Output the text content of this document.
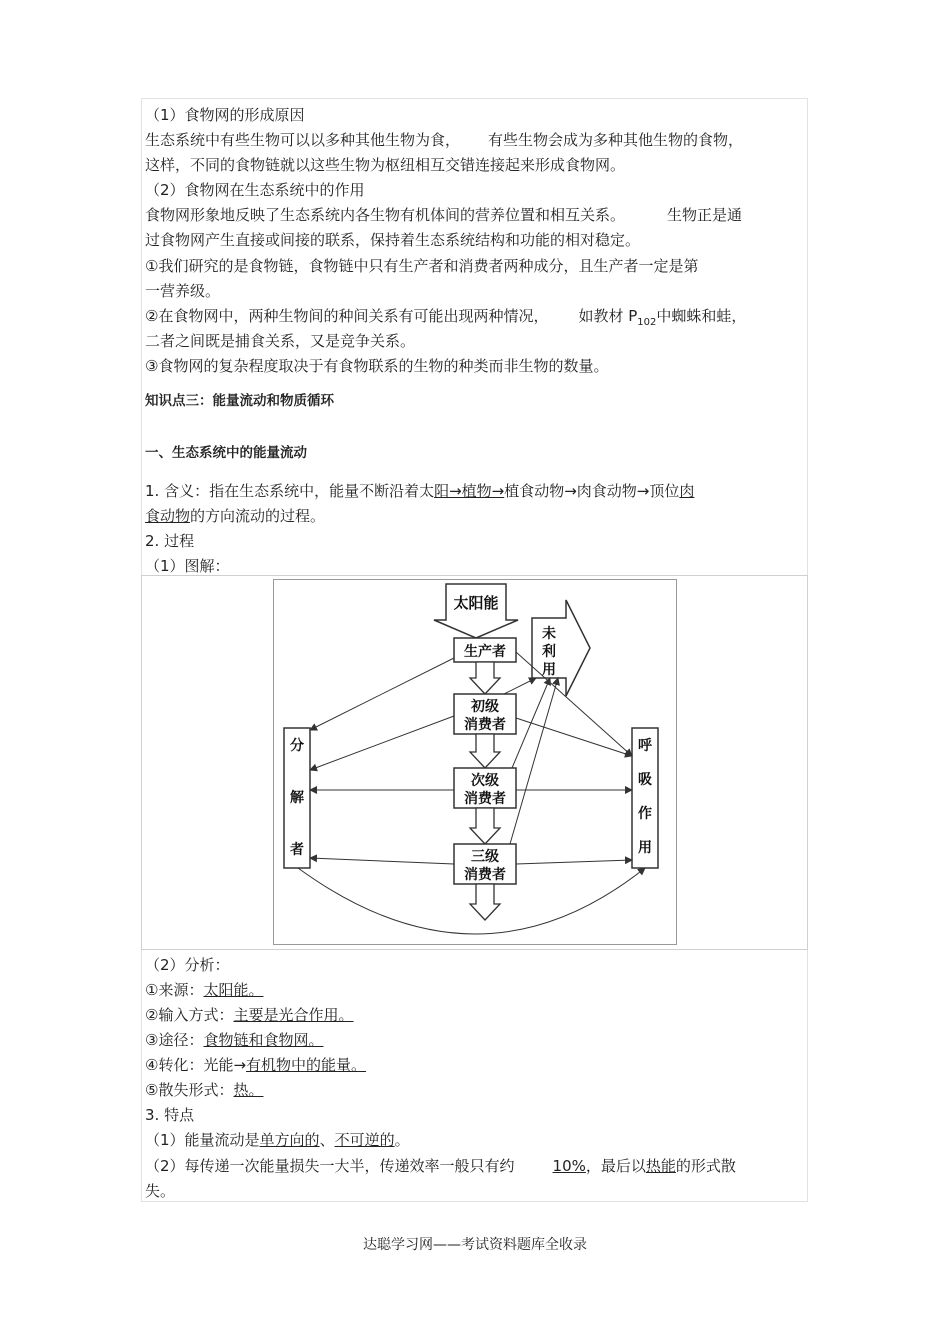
（1）食物网的形成原因
生态系统中有些生物可以以多种其他生物为食， 有些生物会成为多种其他生物的食物，
这样，不同的食物链就以这些生物为枢纽相互交错连接起来形成食物网。
（2）食物网在生态系统中的作用
食物网形象地反映了生态系统内各生物有机体间的营养位置和相互关系。	生物正是通
过食物网产生直接或间接的联系，保持着生态系统结构和功能的相对稳定。
①我们研究的是食物链，食物链中只有生产者和消费者两种成分，且生产者一定是第
一营养级。
②在食物网中，两种生物间的种间关系有可能出现两种情况， 如教材 $P_{102}$中蜘蛛和蛙，
二者之间既是捕食关系，又是竞争关系。
③食物网的复杂程度取决于有食物联系的生物的种类而非生物的数量。
知识点三：能量流动和物质循环
一、生态系统中的能量流动
1. 含义：指在生态系统中，能量不断沿着太阳→植物→植食动物→肉食动物→顶位肉
食动物的方向流动的过程。
2. 过程
（1）图解：
太阳能
未
利
用
生产者
初级
消费者
次级
消费者
三级
消费者
分
解
者
呼
吸
作
用
（2）分析：
①来源：太阳能。
②输入方式：主要是光合作用。
③途径：食物链和食物网。
④转化：光能→有机物中的能量。
⑤散失形式：热。
3. 特点
（1）能量流动是单方向的、不可逆的。
（2）每传递一次能量损失一大半，传递效率一般只有约	10%，最后以热能的形式散
失。
达聪学习网——考试资料题库全收录
